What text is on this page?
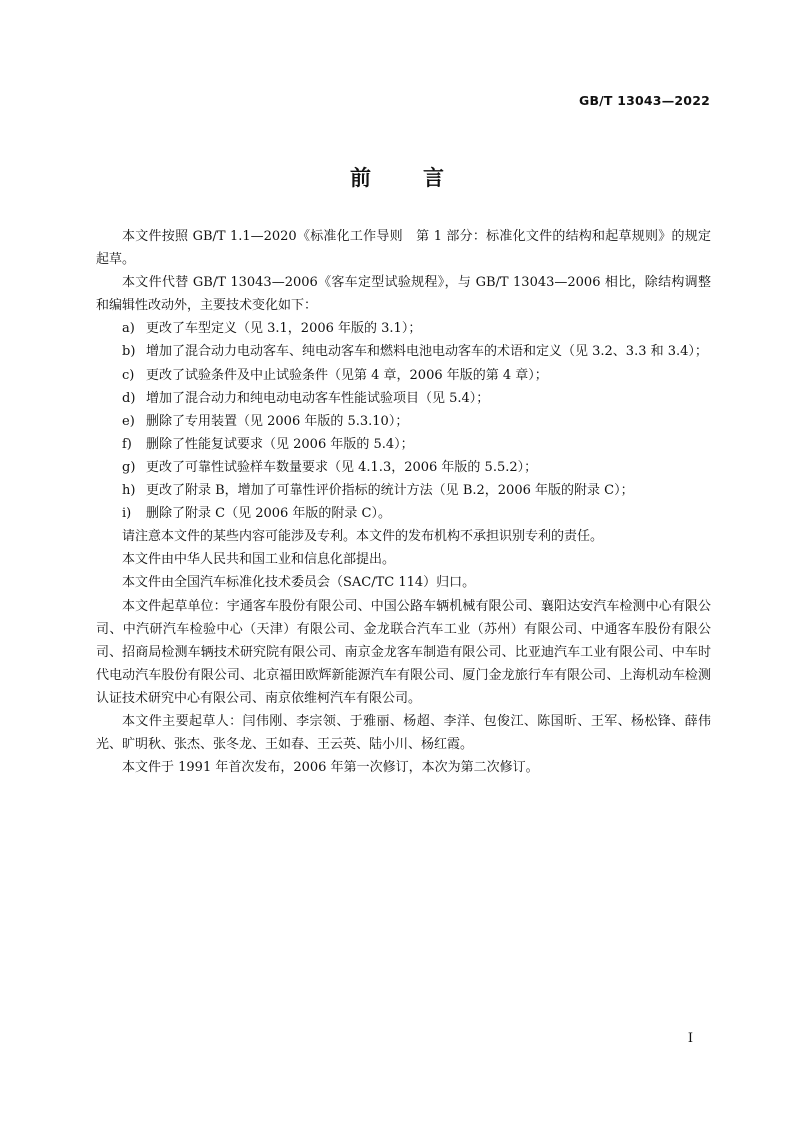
GB/T 13043—2022
前 言

本文件按照 GB/T 1.1—2020《标准化工作导则　第 1 部分：标准化文件的结构和起草规则》的规定起草。

本文件代替 GB/T 13043—2006《客车定型试验规程》，与 GB/T 13043—2006 相比，除结构调整和编辑性改动外，主要技术变化如下：

a) 更改了车型定义（见 3.1，2006 年版的 3.1）；

b) 增加了混合动力电动客车、纯电动客车和燃料电池电动客车的术语和定义（见 3.2、3.3 和 3.4）；

c) 更改了试验条件及中止试验条件（见第 4 章，2006 年版的第 4 章）；

d) 增加了混合动力和纯电动电动客车性能试验项目（见 5.4）；

e) 删除了专用装置（见 2006 年版的 5.3.10）；

f) 删除了性能复试要求（见 2006 年版的 5.4）；

g) 更改了可靠性试验样车数量要求（见 4.1.3，2006 年版的 5.5.2）；

h) 更改了附录 B，增加了可靠性评价指标的统计方法（见 B.2，2006 年版的附录 C）；

i) 删除了附录 C（见 2006 年版的附录 C）。

请注意本文件的某些内容可能涉及专利。本文件的发布机构不承担识别专利的责任。

本文件由中华人民共和国工业和信息化部提出。

本文件由全国汽车标准化技术委员会（SAC/TC 114）归口。

本文件起草单位：宇通客车股份有限公司、中国公路车辆机械有限公司、襄阳达安汽车检测中心有限公司、中汽研汽车检验中心（天津）有限公司、金龙联合汽车工业（苏州）有限公司、中通客车股份有限公司、招商局检测车辆技术研究院有限公司、南京金龙客车制造有限公司、比亚迪汽车工业有限公司、中车时代电动汽车股份有限公司、北京福田欧辉新能源汽车有限公司、厦门金龙旅行车有限公司、上海机动车检测认证技术研究中心有限公司、南京依维柯汽车有限公司。

本文件主要起草人：闫伟刚、李宗领、于雅丽、杨超、李洋、包俊江、陈国昕、王军、杨松锋、薛伟光、旷明秋、张杰、张冬龙、王如春、王云英、陆小川、杨红霞。

本文件于 1991 年首次发布，2006 年第一次修订，本次为第二次修订。

I
